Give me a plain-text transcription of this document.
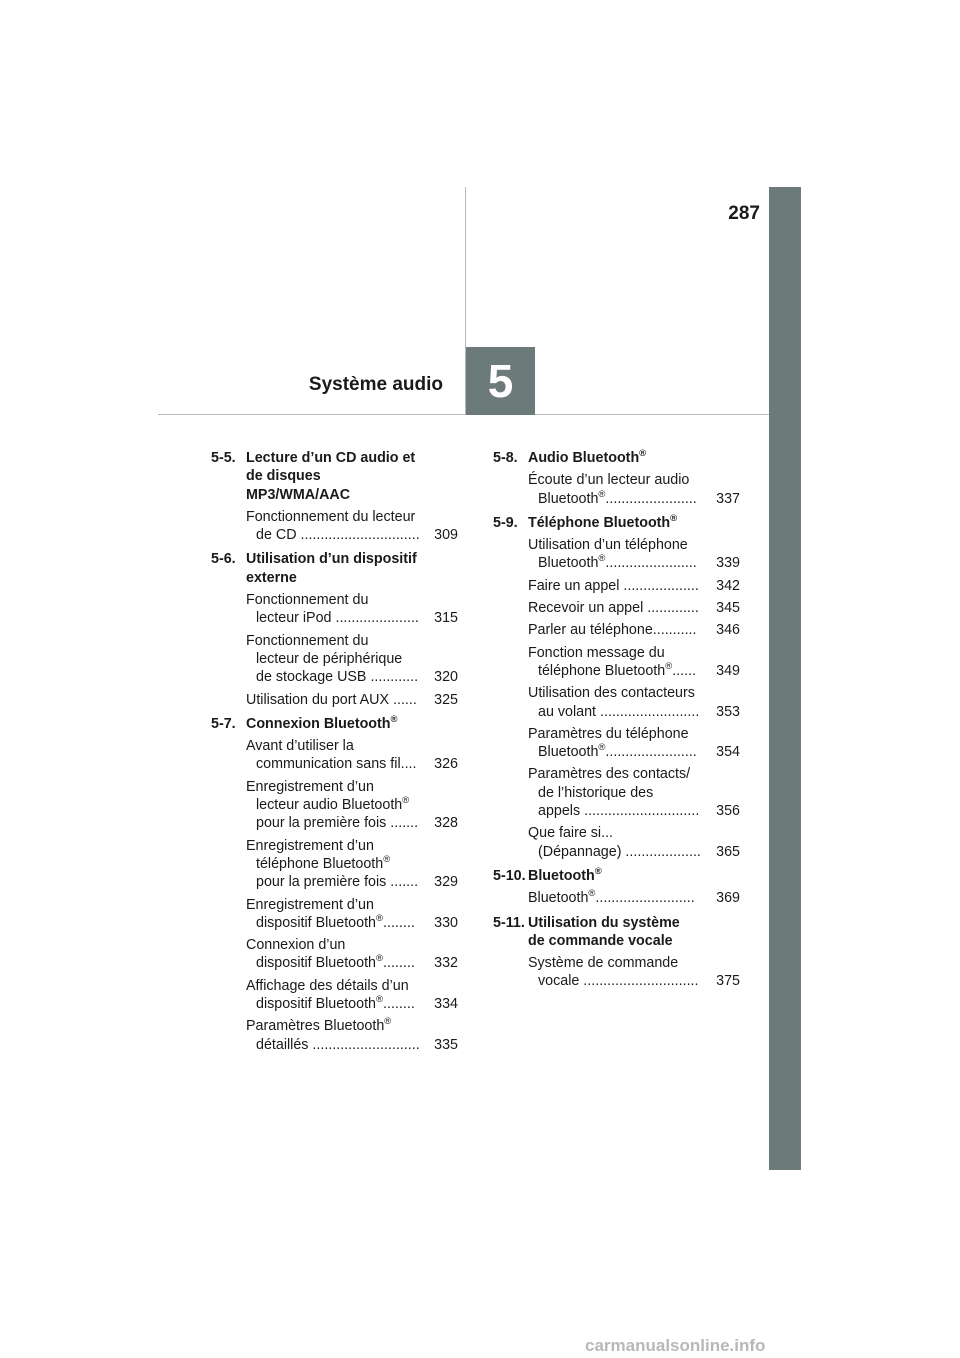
287
5
Système audio
5-5. Lecture d’un CD audio et
de disques
MP3/WMA/AAC
Fonctionnement du lecteur
309
de CD ..............................
5-6. Utilisation d’un dispositif
externe
Fonctionnement du
315
lecteur iPod .....................
Fonctionnement du
lecteur de périphérique
320
de stockage USB ............
325
Utilisation du port AUX ......
5-7. Connexion Bluetooth®
Avant d’utiliser la
326
communication sans fil....
Enregistrement d’un
lecteur audio Bluetooth®
328
pour la première fois .......
Enregistrement d’un
téléphone Bluetooth®
329
pour la première fois .......
Enregistrement d’un
330
dispositif Bluetooth®........
Connexion d’un
332
dispositif Bluetooth®........
Affichage des détails d’un
334
dispositif Bluetooth®........
Paramètres Bluetooth®
335
détaillés ...........................
5-8. Audio Bluetooth®
Écoute d’un lecteur audio
337
Bluetooth®.......................
5-9. Téléphone Bluetooth®
Utilisation d’un téléphone
339
Bluetooth®.......................
342
Faire un appel ...................
345
Recevoir un appel .............
346
Parler au téléphone...........
Fonction message du
349
téléphone Bluetooth®......
Utilisation des contacteurs
353
au volant .........................
Paramètres du téléphone
354
Bluetooth®.......................
Paramètres des contacts/
de l’historique des
356
appels .............................
Que faire si...
365
(Dépannage) ...................
5-10. Bluetooth®
369
Bluetooth®.........................
5-11. Utilisation du système
de commande vocale
Système de commande
375
vocale .............................
carmanualsonline.info
